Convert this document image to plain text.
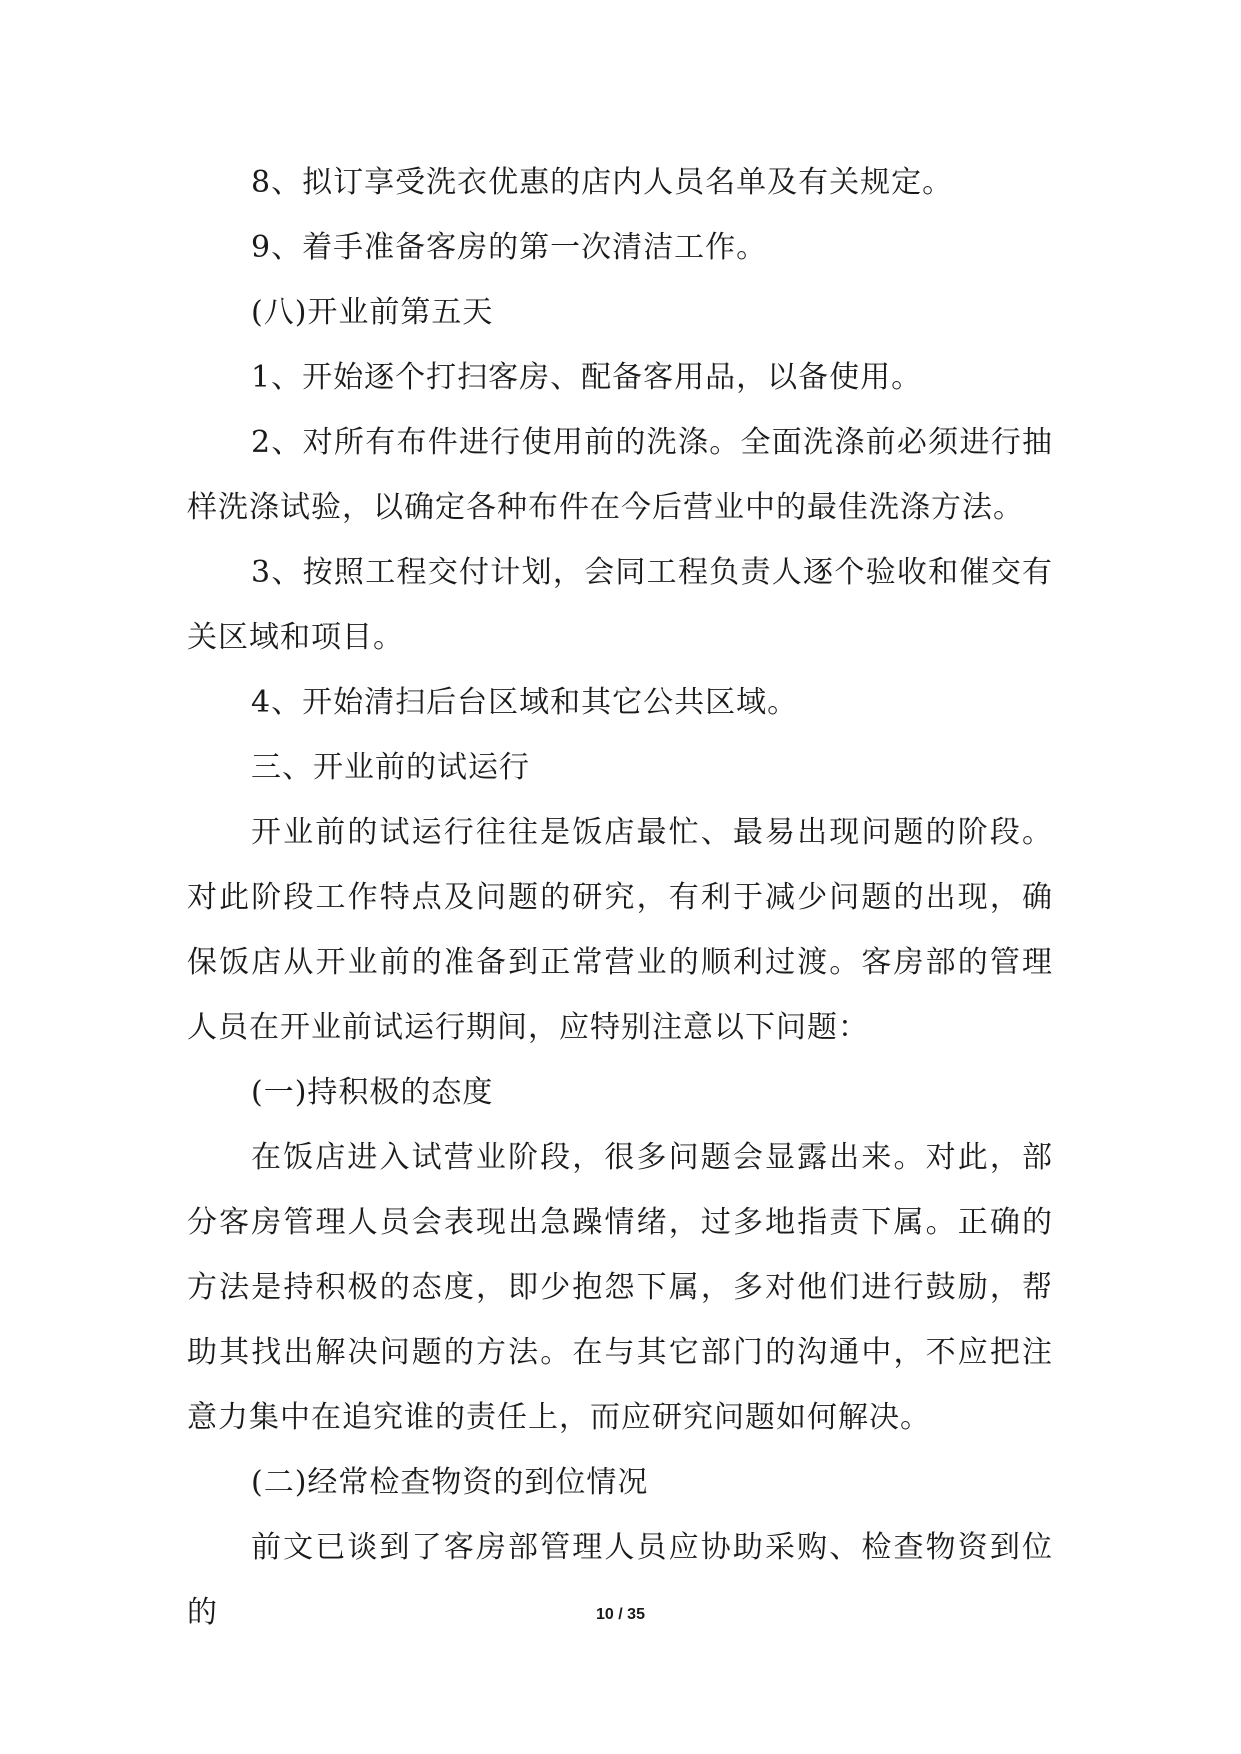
8、拟订享受洗衣优惠的店内人员名单及有关规定。

9、着手准备客房的第一次清洁工作。

(八)开业前第五天

1、开始逐个打扫客房、配备客用品，以备使用。

2、对所有布件进行使用前的洗涤。全面洗涤前必须进行抽样洗涤试验，以确定各种布件在今后营业中的最佳洗涤方法。

3、按照工程交付计划，会同工程负责人逐个验收和催交有关区域和项目。

4、开始清扫后台区域和其它公共区域。

三、开业前的试运行

开业前的试运行往往是饭店最忙、最易出现问题的阶段。对此阶段工作特点及问题的研究，有利于减少问题的出现，确保饭店从开业前的准备到正常营业的顺利过渡。客房部的管理人员在开业前试运行期间，应特别注意以下问题：

(一)持积极的态度

在饭店进入试营业阶段，很多问题会显露出来。对此，部分客房管理人员会表现出急躁情绪，过多地指责下属。正确的方法是持积极的态度，即少抱怨下属，多对他们进行鼓励，帮助其找出解决问题的方法。在与其它部门的沟通中，不应把注意力集中在追究谁的责任上，而应研究问题如何解决。

(二)经常检查物资的到位情况

前文已谈到了客房部管理人员应协助采购、检查物资到位的	10 / 35
